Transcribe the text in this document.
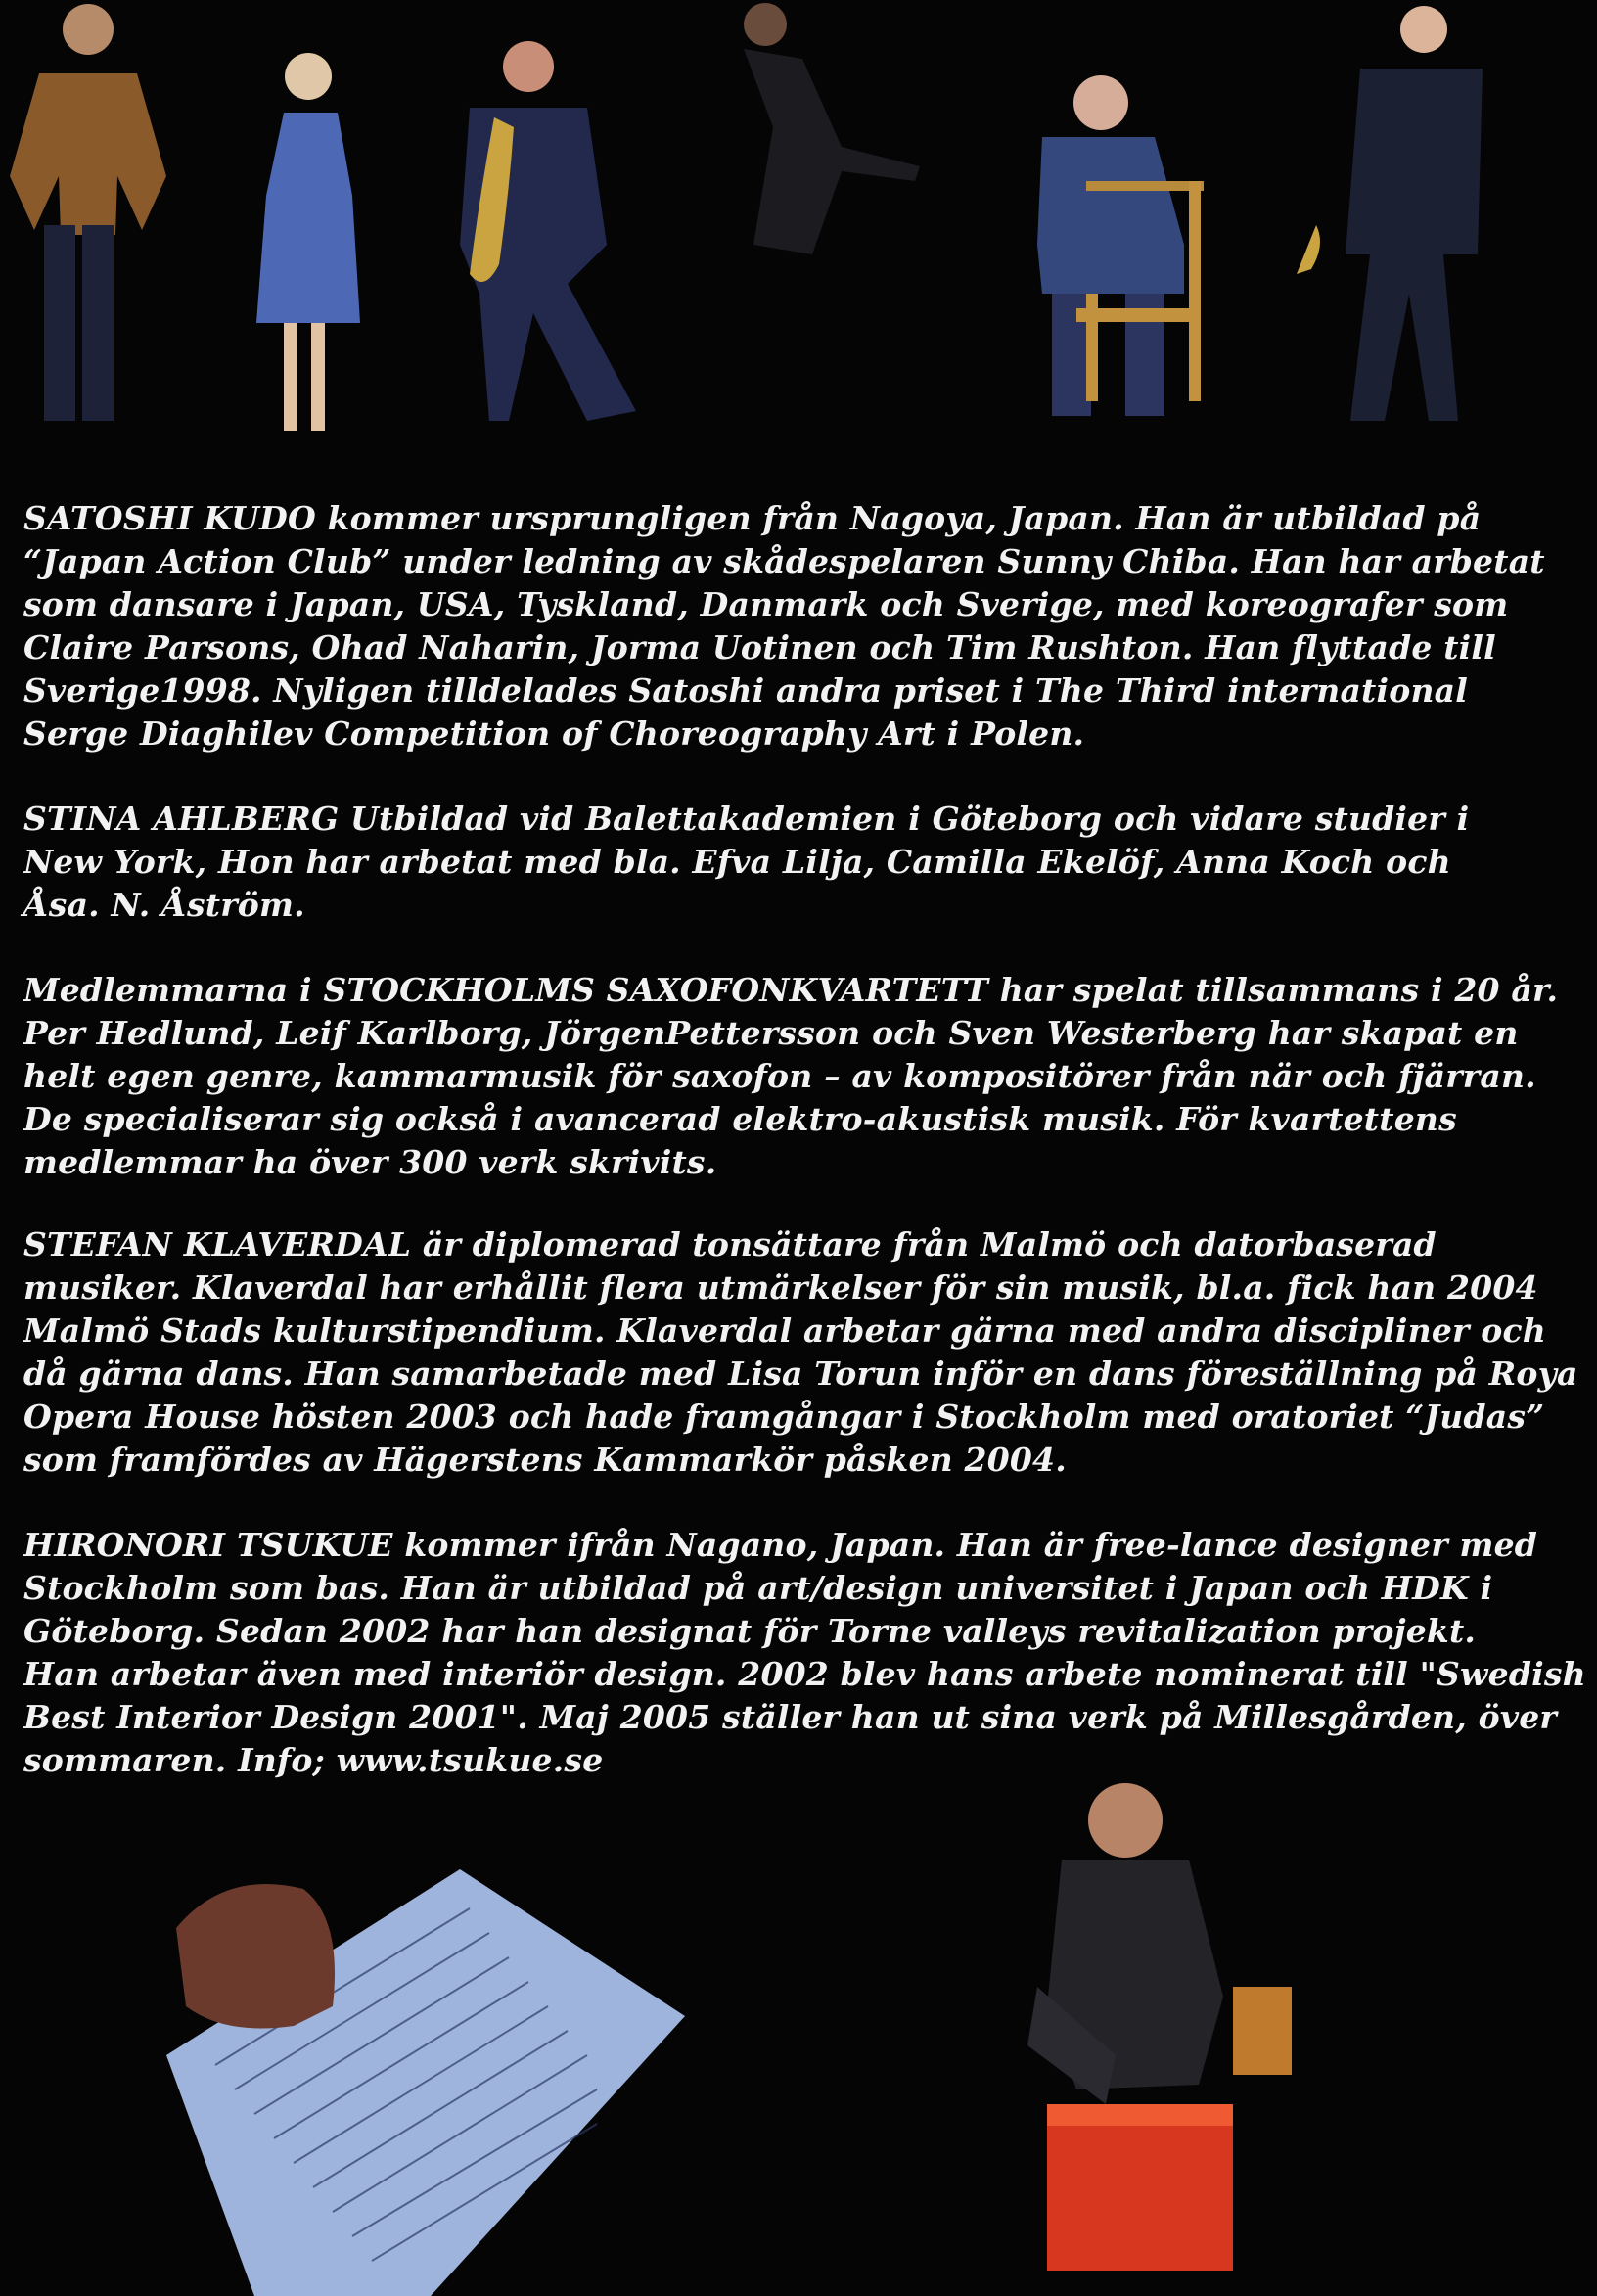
SATOSHI KUDO kommer ursprungligen från Nagoya, Japan. Han är utbildad på
“Japan Action Club” under ledning av skådespelaren Sunny Chiba. Han har arbetat
som dansare i Japan, USA, Tyskland, Danmark och Sverige, med koreografer som
Claire Parsons, Ohad Naharin, Jorma Uotinen och Tim Rushton. Han flyttade till
Sverige1998. Nyligen tilldelades Satoshi andra priset i The Third international
Serge Diaghilev Competition of Choreography Art i Polen.

STINA AHLBERG Utbildad vid Balettakademien i Göteborg och vidare studier i
New York, Hon har arbetat med bla. Efva Lilja, Camilla Ekelöf, Anna Koch och
Åsa. N. Åström.

Medlemmarna i STOCKHOLMS SAXOFONKVARTETT har spelat tillsammans i 20 år.
Per Hedlund, Leif Karlborg, JörgenPettersson och Sven Westerberg har skapat en
helt egen genre, kammarmusik för saxofon – av kompositörer från när och fjärran.
De specialiserar sig också i avancerad elektro-akustisk musik. För kvartettens
medlemmar ha över 300 verk skrivits.

STEFAN KLAVERDAL är diplomerad tonsättare från Malmö och datorbaserad
musiker. Klaverdal har erhållit flera utmärkelser för sin musik, bl.a. fick han 2004
Malmö Stads kulturstipendium. Klaverdal arbetar gärna med andra discipliner och
då gärna dans. Han samarbetade med Lisa Torun inför en dans föreställning på Roya
Opera House hösten 2003 och hade framgångar i Stockholm med oratoriet “Judas”
som framfördes av Hägerstens Kammarkör påsken 2004.

HIRONORI TSUKUE kommer ifrån Nagano, Japan. Han är free-lance designer med
Stockholm som bas. Han är utbildad på art/design universitet i Japan och HDK i
Göteborg. Sedan 2002 har han designat för Torne valleys revitalization projekt.
Han arbetar även med interiör design. 2002 blev hans arbete nominerat till "Swedish
Best Interior Design 2001". Maj 2005 ställer han ut sina verk på Millesgården, över
sommaren. Info; www.tsukue.se
